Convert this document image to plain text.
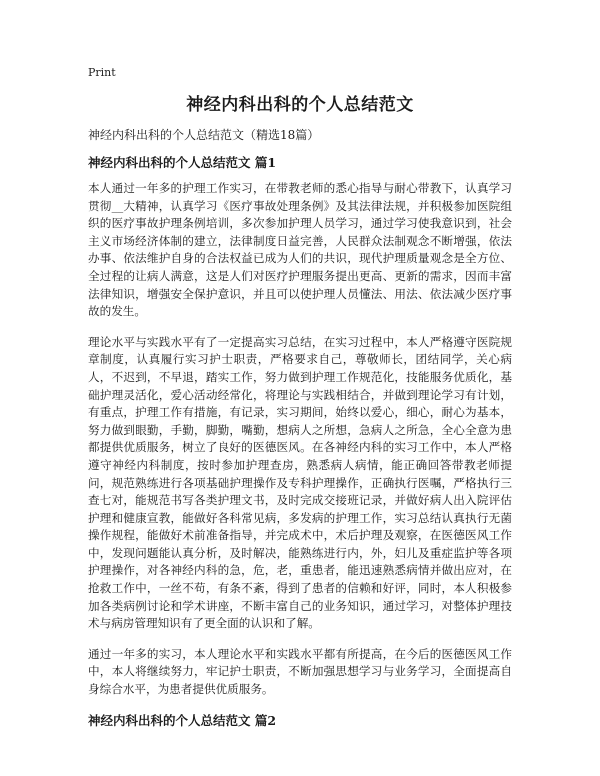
Print
神经内科出科的个人总结范文
神经内科出科的个人总结范文（精选18篇）
神经内科出科的个人总结范文 篇1

本人通过一年多的护理工作实习，在带教老师的悉心指导与耐心带教下，认真学习贯彻__大精神，认真学习《医疗事故处理条例》及其法律法规，并积极参加医院组织的医疗事故护理条例培训，多次参加护理人员学习，通过学习使我意识到，社会主义市场经济体制的建立，法律制度日益完善，人民群众法制观念不断增强，依法办事、依法维护自身的合法权益已成为人们的共识，现代护理质量观念是全方位、全过程的让病人满意，这是人们对医疗护理服务提出更高、更新的需求，因而丰富法律知识，增强安全保护意识，并且可以使护理人员懂法、用法、依法减少医疗事故的发生。

理论水平与实践水平有了一定提高实习总结，在实习过程中，本人严格遵守医院规章制度，认真履行实习护士职责，严格要求自己，尊敬师长，团结同学，关心病人，不迟到，不早退，踏实工作，努力做到护理工作规范化，技能服务优质化，基础护理灵活化，爱心活动经常化，将理论与实践相结合，并做到理论学习有计划，有重点，护理工作有措施，有记录，实习期间，始终以爱心，细心，耐心为基本，努力做到眼勤，手勤，脚勤，嘴勤，想病人之所想，急病人之所急，全心全意为患都提供优质服务，树立了良好的医德医风。在各神经内科的实习工作中，本人严格遵守神经内科制度，按时参加护理查房，熟悉病人病情，能正确回答带教老师提问，规范熟练进行各项基础护理操作及专科护理操作，正确执行医嘱，严格执行三查七对，能规范书写各类护理文书，及时完成交接班记录，并做好病人出入院评估护理和健康宣教，能做好各科常见病，多发病的护理工作，实习总结认真执行无菌操作规程，能做好术前准备指导，并完成术中，术后护理及观察，在医德医风工作中，发现问题能认真分析，及时解决，能熟练进行内，外，妇儿及重症监护等各项护理操作，对各神经内科的急，危，老，重患者，能迅速熟悉病情并做出应对，在抢救工作中，一丝不苟，有条不紊，得到了患者的信赖和好评，同时，本人积极参加各类病例讨论和学术讲座，不断丰富自己的业务知识，通过学习，对整体护理技术与病房管理知识有了更全面的认识和了解。

通过一年多的实习，本人理论水平和实践水平都有所提高，在今后的医德医风工作中，本人将继续努力，牢记护士职责，不断加强思想学习与业务学习，全面提高自身综合水平，为患者提供优质服务。

神经内科出科的个人总结范文 篇2
